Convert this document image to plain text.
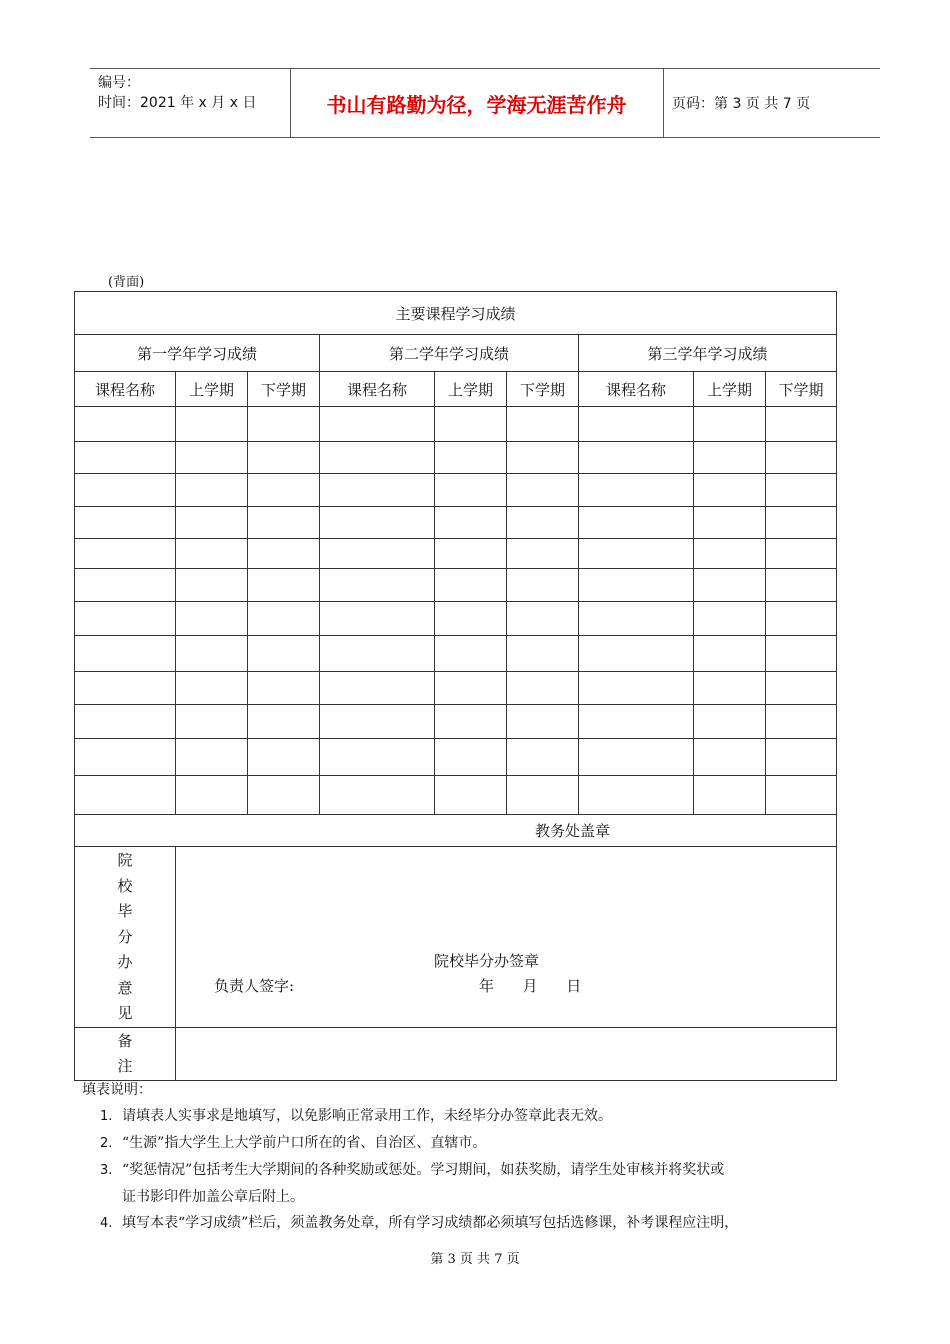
编号：
时间：2021 年 x 月 x 日	书山有路勤为径，学海无涯苦作舟	页码：第 3 页 共 7 页
(背面)
主要课程学习成绩								
第一学年学习成绩			第二学年学习成绩			第三学年学习成绩		
课程名称	上学期	下学期	课程名称	上学期	下学期	课程名称	上学期	下学期

教务处盖章								

院校毕分办意见	院校毕分办签章
负责人签字: 年      月      日							

备注								

填表说明：
1. 请填表人实事求是地填写，以免影响正常录用工作，未经毕分办签章此表无效。
2. “生源”指大学生上大学前户口所在的省、自治区、直辖市。
3. “奖惩情况”包括考生大学期间的各种奖励或惩处。学习期间，如获奖励，请学生处审核并将奖状或
证书影印件加盖公章后附上。
4. 填写本表“学习成绩”栏后，须盖教务处章，所有学习成绩都必须填写包括选修课，补考课程应注明，
第 3 页 共 7 页
